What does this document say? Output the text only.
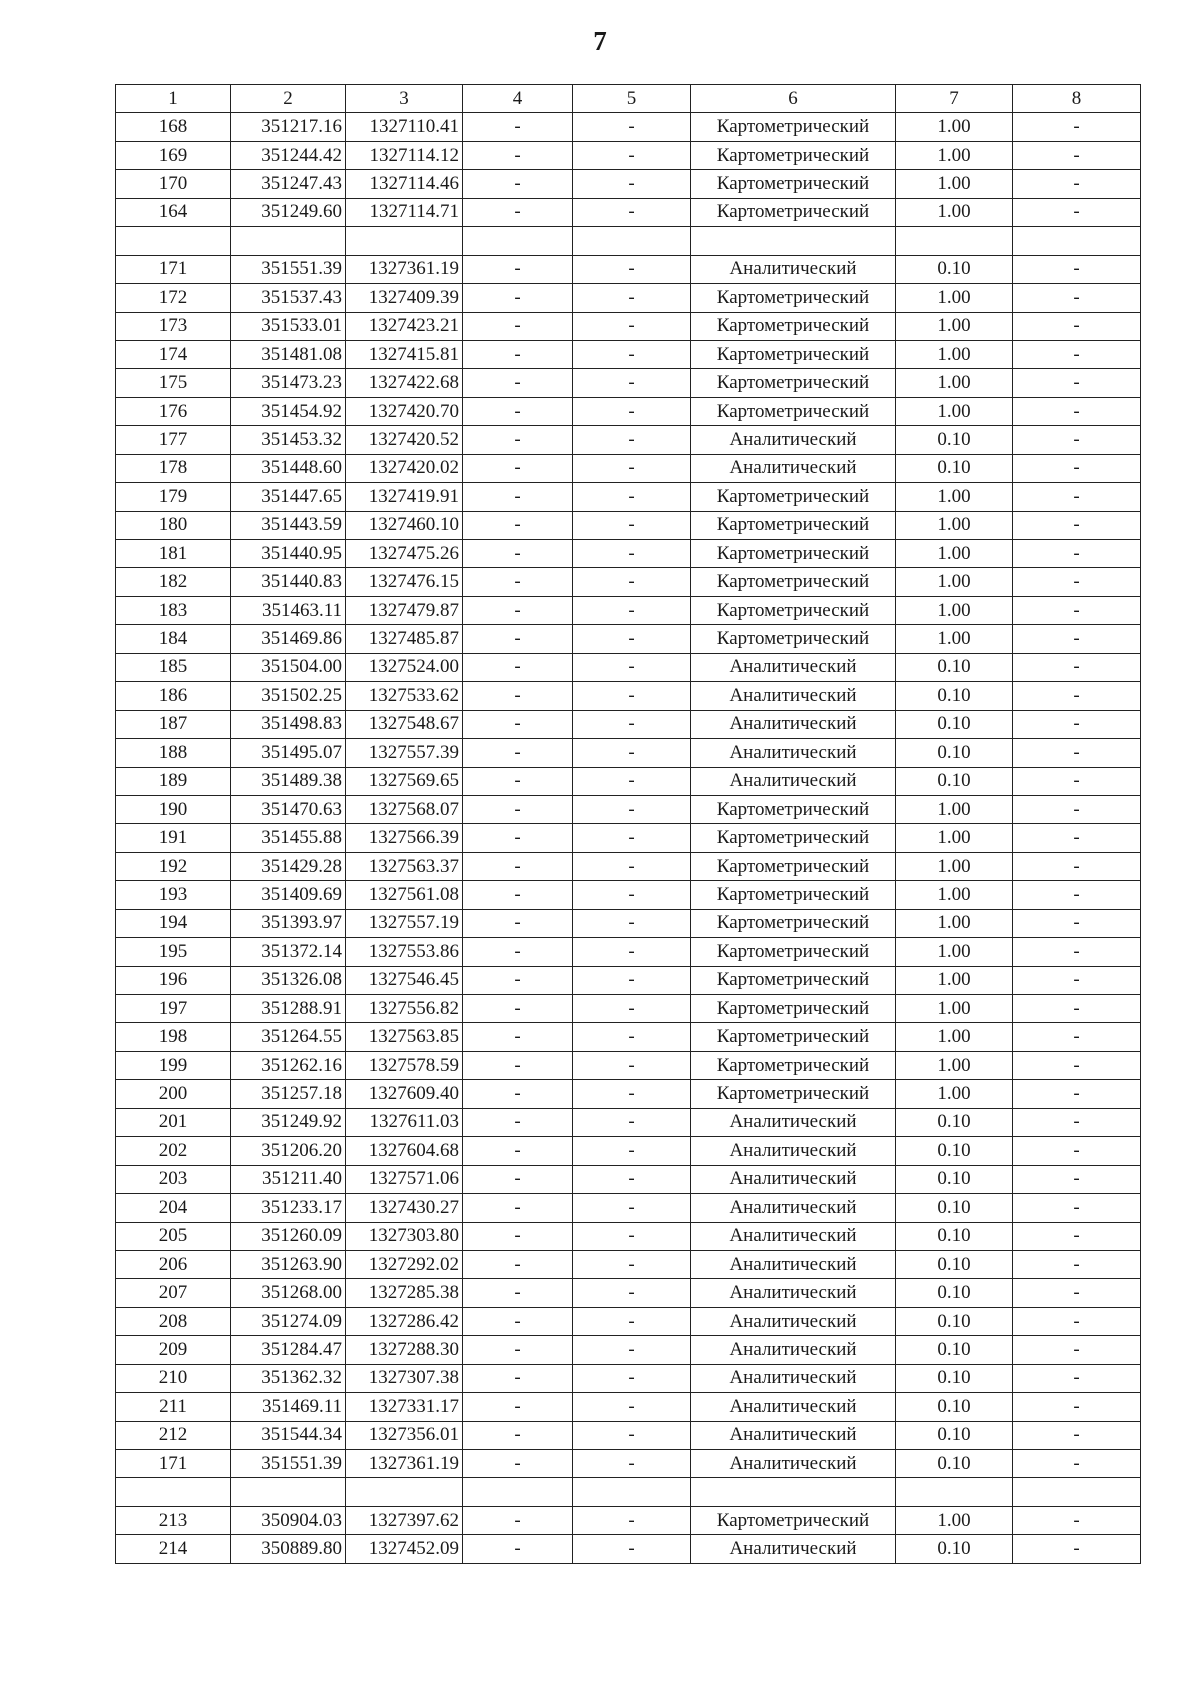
7
1	2	3	4	5	6	7	8
168	351217.16	1327110.41	-	-	Картометрический	1.00	-
169	351244.42	1327114.12	-	-	Картометрический	1.00	-
170	351247.43	1327114.46	-	-	Картометрический	1.00	-
164	351249.60	1327114.71	-	-	Картометрический	1.00	-

171	351551.39	1327361.19	-	-	Аналитический	0.10	-
172	351537.43	1327409.39	-	-	Картометрический	1.00	-
173	351533.01	1327423.21	-	-	Картометрический	1.00	-
174	351481.08	1327415.81	-	-	Картометрический	1.00	-
175	351473.23	1327422.68	-	-	Картометрический	1.00	-
176	351454.92	1327420.70	-	-	Картометрический	1.00	-
177	351453.32	1327420.52	-	-	Аналитический	0.10	-
178	351448.60	1327420.02	-	-	Аналитический	0.10	-
179	351447.65	1327419.91	-	-	Картометрический	1.00	-
180	351443.59	1327460.10	-	-	Картометрический	1.00	-
181	351440.95	1327475.26	-	-	Картометрический	1.00	-
182	351440.83	1327476.15	-	-	Картометрический	1.00	-
183	351463.11	1327479.87	-	-	Картометрический	1.00	-
184	351469.86	1327485.87	-	-	Картометрический	1.00	-
185	351504.00	1327524.00	-	-	Аналитический	0.10	-
186	351502.25	1327533.62	-	-	Аналитический	0.10	-
187	351498.83	1327548.67	-	-	Аналитический	0.10	-
188	351495.07	1327557.39	-	-	Аналитический	0.10	-
189	351489.38	1327569.65	-	-	Аналитический	0.10	-
190	351470.63	1327568.07	-	-	Картометрический	1.00	-
191	351455.88	1327566.39	-	-	Картометрический	1.00	-
192	351429.28	1327563.37	-	-	Картометрический	1.00	-
193	351409.69	1327561.08	-	-	Картометрический	1.00	-
194	351393.97	1327557.19	-	-	Картометрический	1.00	-
195	351372.14	1327553.86	-	-	Картометрический	1.00	-
196	351326.08	1327546.45	-	-	Картометрический	1.00	-
197	351288.91	1327556.82	-	-	Картометрический	1.00	-
198	351264.55	1327563.85	-	-	Картометрический	1.00	-
199	351262.16	1327578.59	-	-	Картометрический	1.00	-
200	351257.18	1327609.40	-	-	Картометрический	1.00	-
201	351249.92	1327611.03	-	-	Аналитический	0.10	-
202	351206.20	1327604.68	-	-	Аналитический	0.10	-
203	351211.40	1327571.06	-	-	Аналитический	0.10	-
204	351233.17	1327430.27	-	-	Аналитический	0.10	-
205	351260.09	1327303.80	-	-	Аналитический	0.10	-
206	351263.90	1327292.02	-	-	Аналитический	0.10	-
207	351268.00	1327285.38	-	-	Аналитический	0.10	-
208	351274.09	1327286.42	-	-	Аналитический	0.10	-
209	351284.47	1327288.30	-	-	Аналитический	0.10	-
210	351362.32	1327307.38	-	-	Аналитический	0.10	-
211	351469.11	1327331.17	-	-	Аналитический	0.10	-
212	351544.34	1327356.01	-	-	Аналитический	0.10	-
171	351551.39	1327361.19	-	-	Аналитический	0.10	-

213	350904.03	1327397.62	-	-	Картометрический	1.00	-
214	350889.80	1327452.09	-	-	Аналитический	0.10	-
